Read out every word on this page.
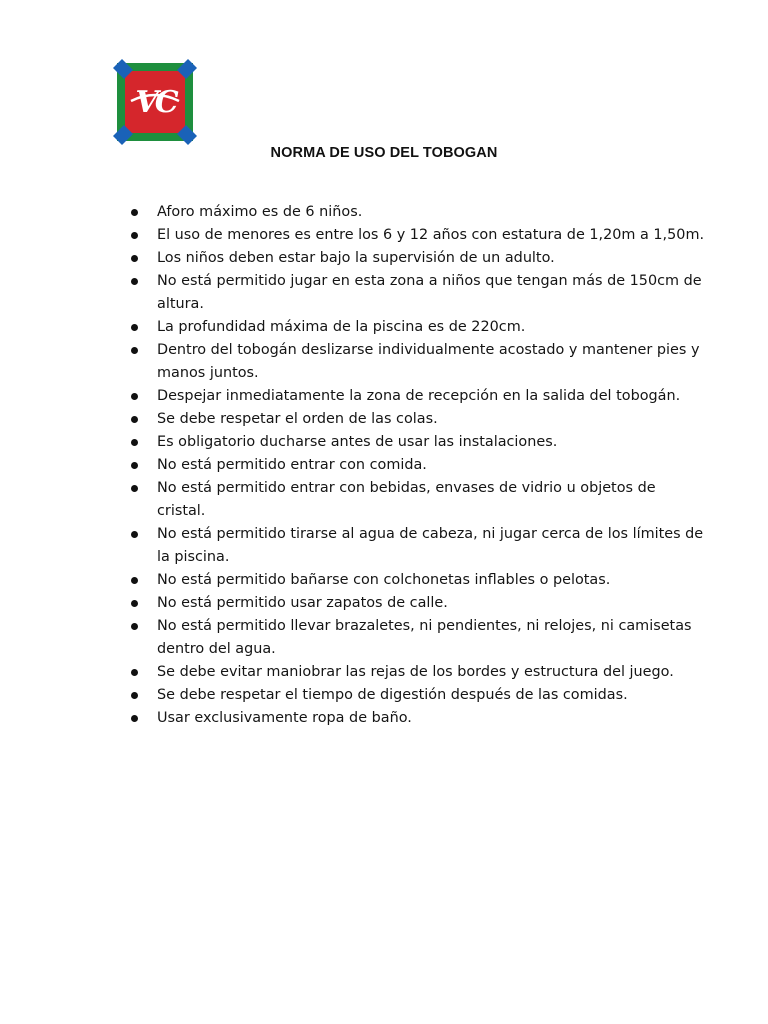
VC
NORMA DE USO DEL TOBOGAN
Aforo máximo es de 6 niños.
El uso de menores es entre los 6 y 12 años con estatura de 1,20m a 1,50m.
Los niños deben estar bajo la supervisión de un adulto.
No está permitido jugar en esta zona a niños que tengan más de 150cm de altura.
La profundidad máxima de la piscina es de 220cm.
Dentro del tobogán deslizarse individualmente acostado y mantener pies y manos juntos.
Despejar inmediatamente la zona de recepción en la salida del tobogán.
Se debe respetar el orden de las colas.
Es obligatorio ducharse antes de usar las instalaciones.
No está permitido entrar con comida.
No está permitido entrar con bebidas, envases de vidrio u objetos de cristal.
No está permitido tirarse al agua de cabeza, ni jugar cerca de los límites de la piscina.
No está permitido bañarse con colchonetas inflables o pelotas.
No está permitido usar zapatos de calle.
No está permitido llevar brazaletes, ni pendientes, ni relojes, ni camisetas dentro del agua.
Se debe evitar maniobrar las rejas de los bordes y estructura del juego.
Se debe respetar el tiempo de digestión después de las comidas.
Usar exclusivamente ropa de baño.
